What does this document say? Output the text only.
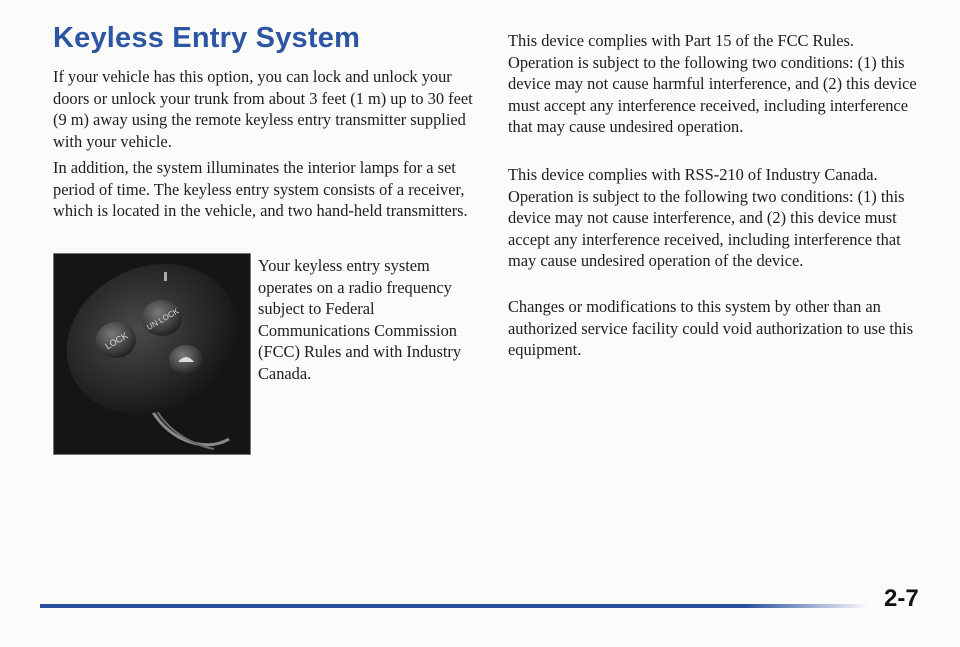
Keyless Entry System

If your vehicle has this option, you can lock and unlock your doors or unlock your trunk from about 3 feet (1 m) up to 30 feet (9 m) away using the remote keyless entry transmitter supplied with your vehicle.

In addition, the system illuminates the interior lamps for a set period of time. The keyless entry system consists of a receiver, which is located in the vehicle, and two hand-held transmitters.

LOCK
UN LOCK

Your keyless entry system operates on a radio frequency subject to Federal Communications Commission (FCC) Rules and with Industry Canada.

This device complies with Part 15 of the FCC Rules. Operation is subject to the following two conditions: (1) this device may not cause harmful interference, and (2) this device must accept any interference received, including interference that may cause undesired operation.

This device complies with RSS-210 of Industry Canada. Operation is subject to the following two conditions: (1) this device may not cause interference, and (2) this device must accept any interference received, including interference that may cause undesired operation of the device.

Changes or modifications to this system by other than an authorized service facility could void authorization to use this equipment.

2-7
